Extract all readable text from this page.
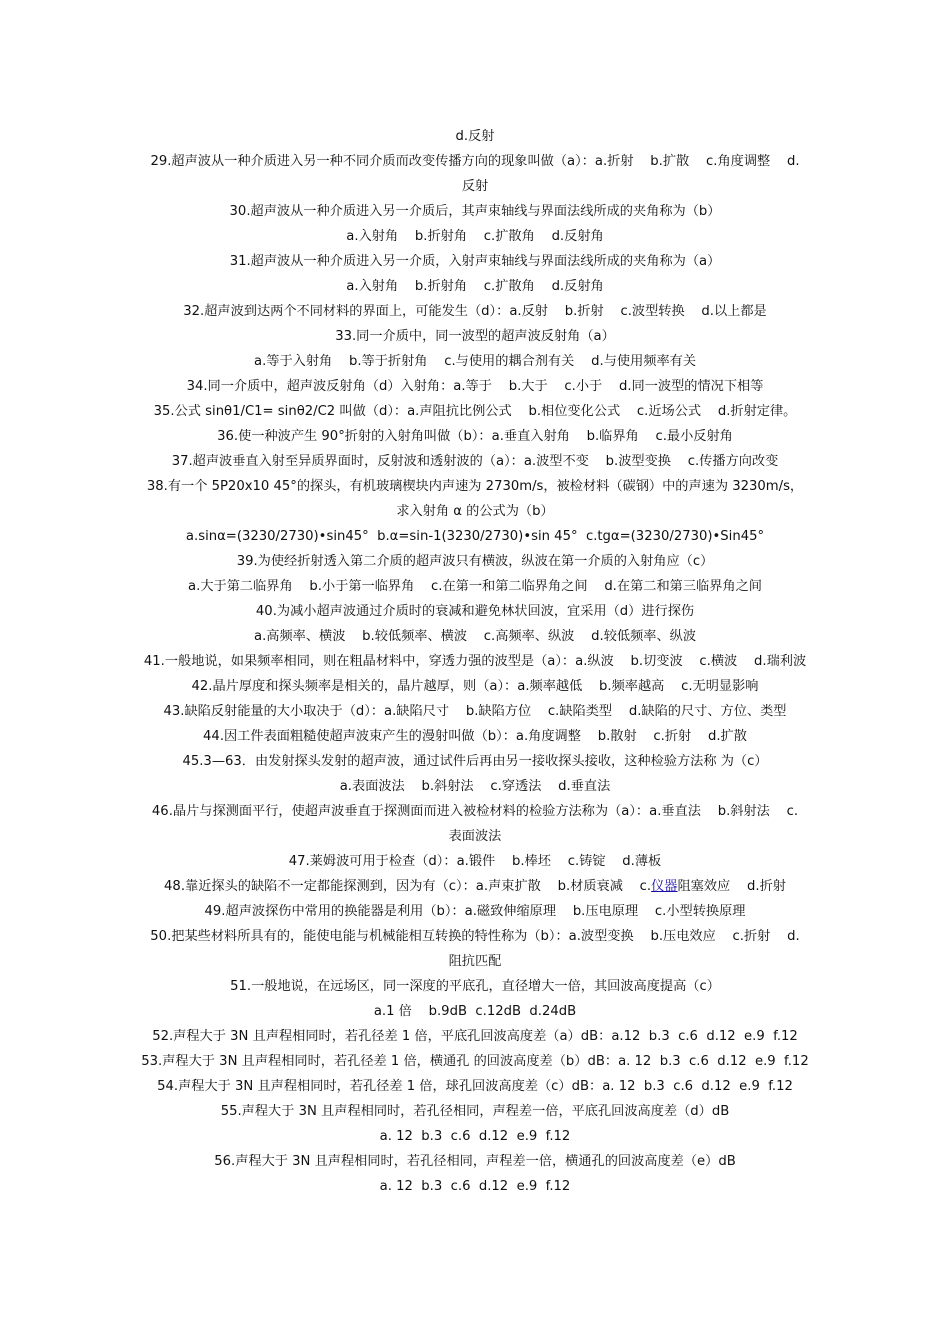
d.反射

29.超声波从一种介质进入另一种不同介质而改变传播方向的现象叫做（a）：a.折射    b.扩散    c.角度调整    d.反射

30.超声波从一种介质进入另一介质后，其声束轴线与界面法线所成的夹角称为（b）

a.入射角    b.折射角    c.扩散角    d.反射角

31.超声波从一种介质进入另一介质，入射声束轴线与界面法线所成的夹角称为（a）

a.入射角    b.折射角    c.扩散角    d.反射角

32.超声波到达两个不同材料的界面上，可能发生（d）：a.反射    b.折射    c.波型转换    d.以上都是

33.同一介质中，同一波型的超声波反射角（a）

a.等于入射角    b.等于折射角    c.与使用的耦合剂有关    d.与使用频率有关

34.同一介质中，超声波反射角（d）入射角：a.等于    b.大于    c.小于    d.同一波型的情况下相等

35.公式 sinθ1/C1= sinθ2/C2 叫做（d）：a.声阻抗比例公式    b.相位变化公式    c.近场公式    d.折射定律。

36.使一种波产生 90°折射的入射角叫做（b）：a.垂直入射角    b.临界角    c.最小反射角

37.超声波垂直入射至异质界面时，反射波和透射波的（a）：a.波型不变    b.波型变换    c.传播方向改变

38.有一个 5P20x10 45°的探头，有机玻璃楔块内声速为 2730m/s，被检材料（碳钢）中的声速为 3230m/s，求入射角 α 的公式为（b）

a.sinα=(3230/2730)•sin45°  b.α=sin-1(3230/2730)•sin 45°  c.tgα=(3230/2730)•Sin45°

39.为使经折射透入第二介质的超声波只有横波，纵波在第一介质的入射角应（c）

a.大于第二临界角    b.小于第一临界角    c.在第一和第二临界角之间    d.在第二和第三临界角之间

40.为减小超声波通过介质时的衰减和避免林状回波，宜采用（d）进行探伤

a.高频率、横波    b.较低频率、横波    c.高频率、纵波    d.较低频率、纵波

41.一般地说，如果频率相同，则在粗晶材料中，穿透力强的波型是（a）：a.纵波    b.切变波    c.横波    d.瑞利波

42.晶片厚度和探头频率是相关的，晶片越厚，则（a）：a.频率越低    b.频率越高    c.无明显影响

43.缺陷反射能量的大小取决于（d）：a.缺陷尺寸    b.缺陷方位    c.缺陷类型    d.缺陷的尺寸、方位、类型

44.因工件表面粗糙使超声波束产生的漫射叫做（b）：a.角度调整    b.散射    c.折射    d.扩散

45.3—63．由发射探头发射的超声波，通过试件后再由另一接收探头接收，这种检验方法称 为（c）

a.表面波法    b.斜射法    c.穿透法    d.垂直法

46.晶片与探测面平行，使超声波垂直于探测面而进入被检材料的检验方法称为（a）：a.垂直法    b.斜射法    c.表面波法

47.莱姆波可用于检查（d）：a.锻件    b.棒坯    c.铸锭    d.薄板

48.靠近探头的缺陷不一定都能探测到，因为有（c）：a.声束扩散    b.材质衰减    c.仪器阻塞效应    d.折射

49.超声波探伤中常用的换能器是利用（b）：a.磁致伸缩原理    b.压电原理    c.小型转换原理

50.把某些材料所具有的，能使电能与机械能相互转换的特性称为（b）：a.波型变换    b.压电效应    c.折射    d.阻抗匹配

51.一般地说，在远场区，同一深度的平底孔，直径增大一倍，其回波高度提高（c）

a.1 倍    b.9dB  c.12dB  d.24dB

52.声程大于 3N 且声程相同时，若孔径差 1 倍，平底孔回波高度差（a）dB：a.12  b.3  c.6  d.12  e.9  f.12

53.声程大于 3N 且声程相同时，若孔径差 1 倍，横通孔 的回波高度差（b）dB：a. 12  b.3  c.6  d.12  e.9  f.12

54.声程大于 3N 且声程相同时，若孔径差 1 倍，球孔回波高度差（c）dB：a. 12  b.3  c.6  d.12  e.9  f.12

55.声程大于 3N 且声程相同时，若孔径相同，声程差一倍，平底孔回波高度差（d）dB

a. 12  b.3  c.6  d.12  e.9  f.12

56.声程大于 3N 且声程相同时，若孔径相同，声程差一倍，横通孔的回波高度差（e）dB

a. 12  b.3  c.6  d.12  e.9  f.12
